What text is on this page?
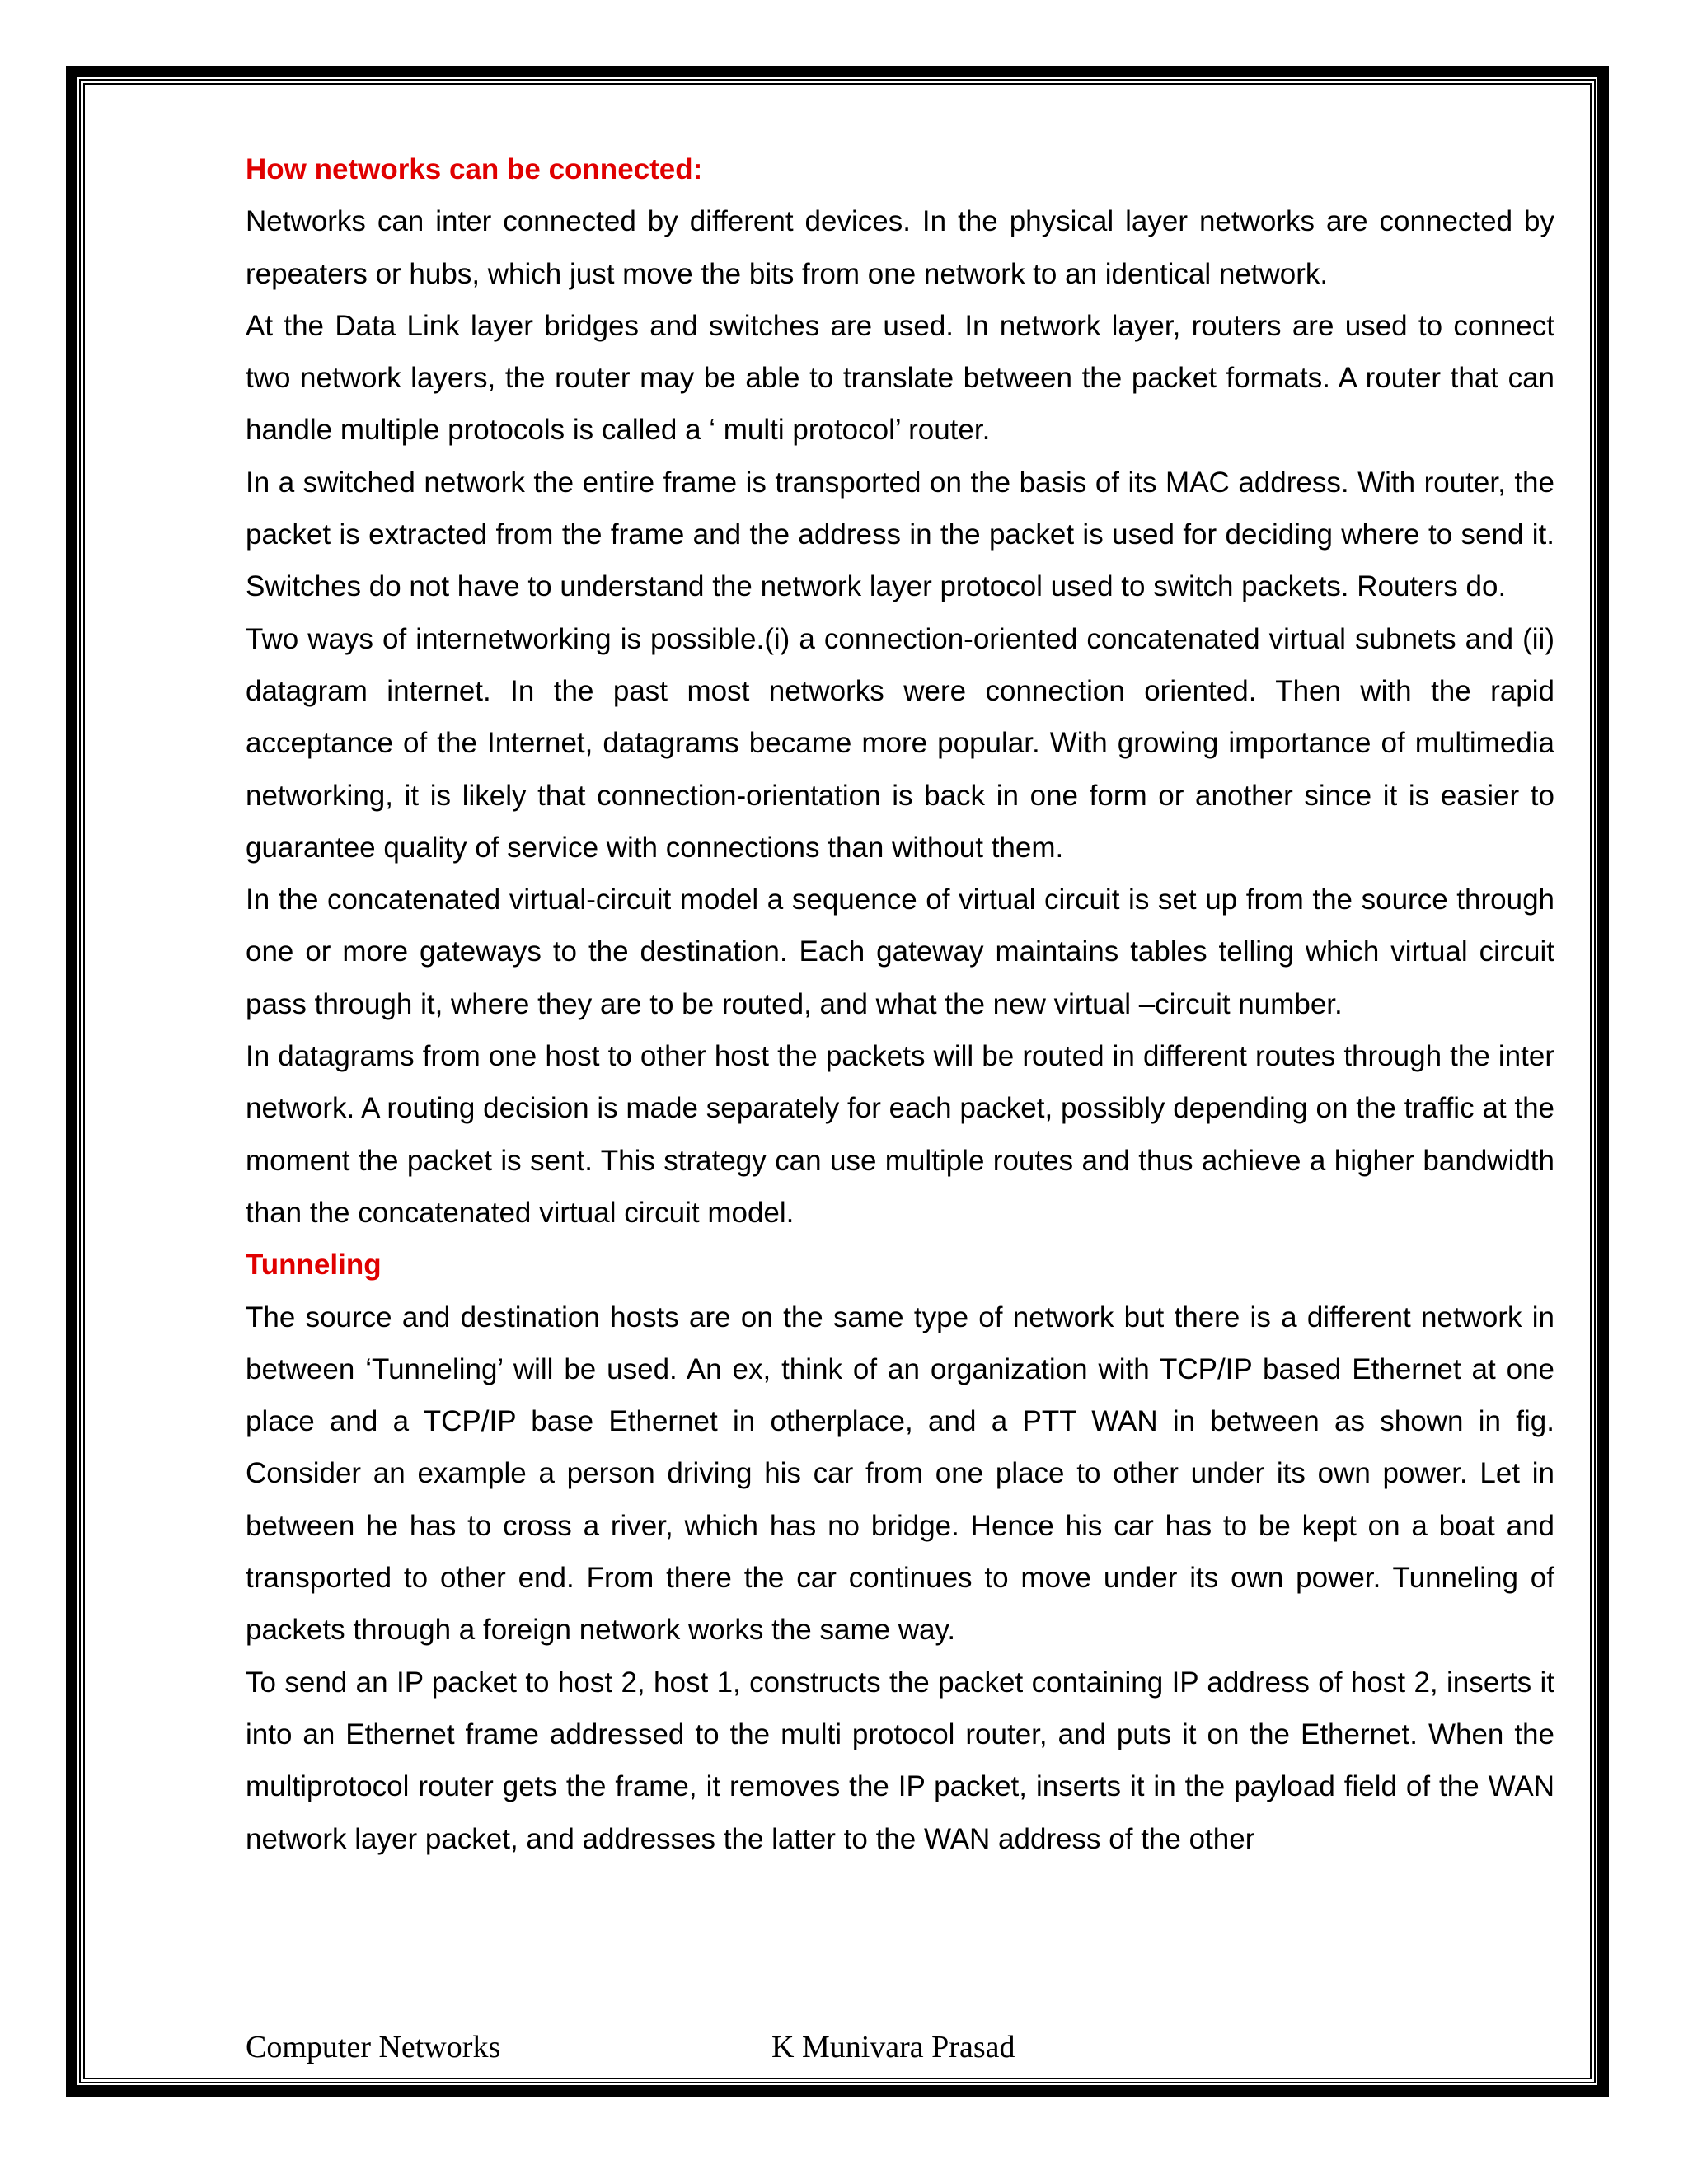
How networks can be connected:

Networks can inter connected by different devices. In the physical layer networks are connected by repeaters or hubs, which just move the bits from one network to an identical network.

At the Data Link layer bridges and switches are used. In network layer, routers are used to connect two network layers, the router may be able to translate between the packet formats. A router that can handle multiple protocols is called a ‘ multi protocol’ router.

In a switched network the entire frame is transported on the basis of its MAC address. With router, the packet is extracted from the frame and the address in the packet is used for deciding where to send it. Switches do not have to understand the network layer protocol used to switch packets. Routers do.

Two ways of internetworking is possible.(i) a connection-oriented concatenated virtual subnets and (ii) datagram internet. In the past most networks were connection oriented. Then with the rapid acceptance of the Internet, datagrams became more popular. With growing importance of multimedia networking, it is likely that connection-orientation is back in one form or another since it is easier to guarantee quality of service with connections than without them.

In the concatenated virtual-circuit model a sequence of virtual circuit is set up from the source through one or more gateways to the destination. Each gateway maintains tables telling which virtual circuit pass through it, where they are to be routed, and what the new virtual –circuit number.

In datagrams from one host to other host the packets will be routed in different routes through the inter network. A routing decision is made separately for each packet, possibly depending on the traffic at the moment the packet is sent. This strategy can use multiple routes and thus achieve a higher bandwidth than the concatenated virtual circuit model.

Tunneling

The source and destination hosts are on the same type of network but there is a different network in between ‘Tunneling’ will be used. An ex, think of an organization with TCP/IP based Ethernet at one place and a TCP/IP base Ethernet in otherplace, and a PTT WAN in between as shown in fig. Consider an example a person driving his car from one place to other under its own power. Let in between he has to cross a river, which has no bridge. Hence his car has to be kept on a boat and transported to other end. From there the car continues to move under its own power. Tunneling of packets through a foreign network works the same way.

To send an IP packet to host 2, host 1, constructs the packet containing IP address of host 2, inserts it into an Ethernet frame addressed to the multi protocol router, and puts it on the Ethernet. When the multiprotocol router gets the frame, it removes the IP packet, inserts it in the payload field of the WAN network layer packet, and addresses the latter to the WAN address of the other

Computer Networks	K Munivara Prasad
